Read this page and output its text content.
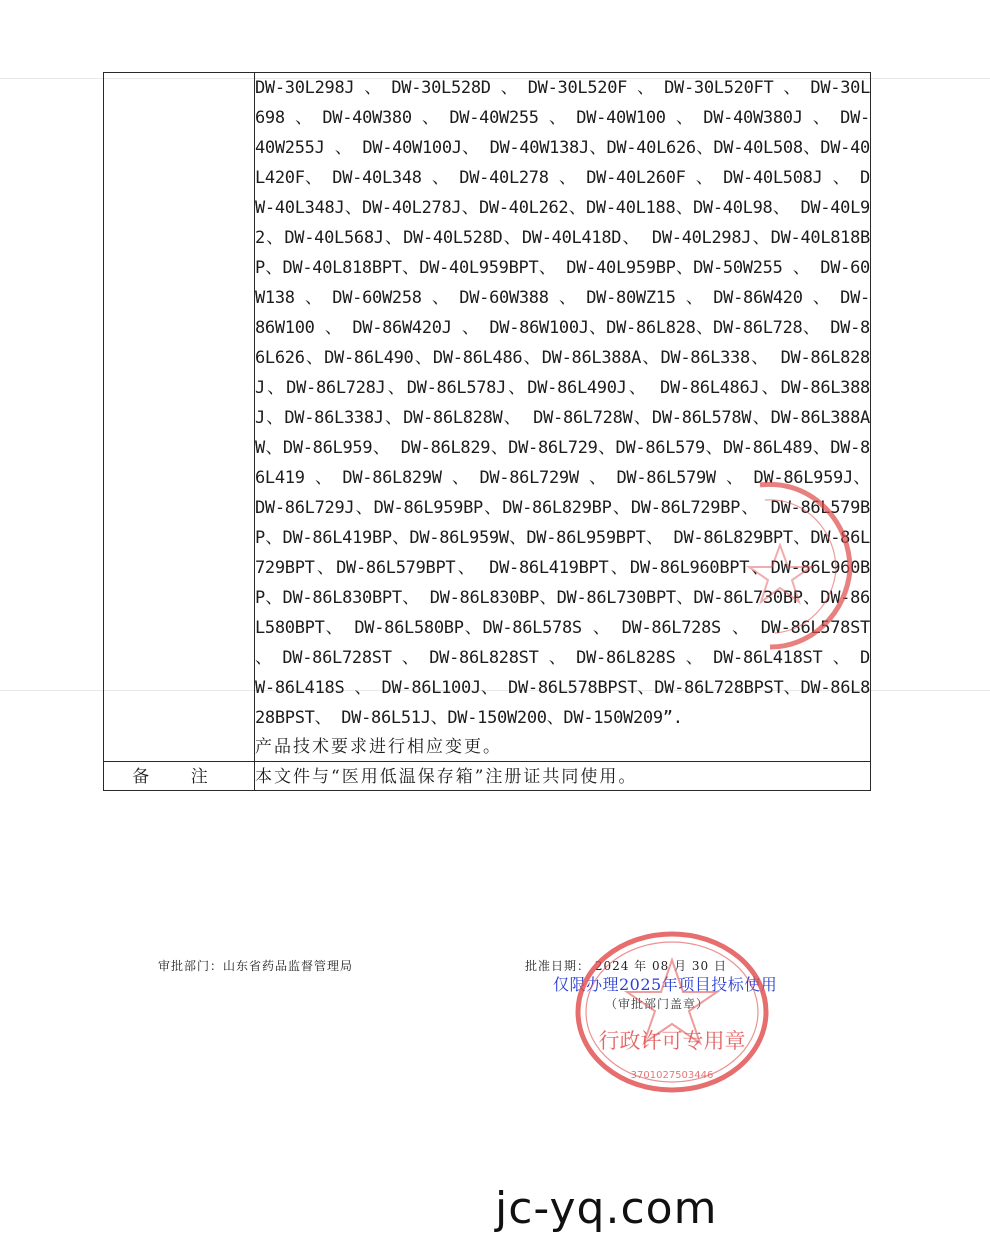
	DW-30L298J 、 DW-30L528D 、 DW-30L520F 、 DW-30L520FT 、 DW-30L698 、 DW-40W380 、 DW-40W255 、 DW-40W100 、 DW-40W380J 、 DW-40W255J 、 DW-40W100J、 DW-40W138J、DW-40L626、DW-40L508、DW-40L420F、 DW-40L348 、 DW-40L278 、 DW-40L260F 、 DW-40L508J 、 DW-40L348J、DW-40L278J、DW-40L262、DW-40L188、DW-40L98、 DW-40L92、DW-40L568J、DW-40L528D、DW-40L418D、 DW-40L298J、DW-40L818BP、DW-40L818BPT、DW-40L959BPT、 DW-40L959BP、DW-50W255 、 DW-60W138 、 DW-60W258 、 DW-60W388 、 DW-80WZ15 、 DW-86W420 、 DW-86W100 、 DW-86W420J 、 DW-86W100J、DW-86L828、DW-86L728、 DW-86L626、DW-86L490、DW-86L486、DW-86L388A、DW-86L338、 DW-86L828J、DW-86L728J、DW-86L578J、DW-86L490J、 DW-86L486J、DW-86L388J、DW-86L338J、DW-86L828W、 DW-86L728W、DW-86L578W、DW-86L388AW、DW-86L959、 DW-86L829、DW-86L729、DW-86L579、DW-86L489、DW-86L419 、 DW-86L829W 、 DW-86L729W 、 DW-86L579W 、 DW-86L959J、 DW-86L729J、DW-86L959BP、DW-86L829BP、DW-86L729BP、 DW-86L579BP、DW-86L419BP、DW-86L959W、DW-86L959BPT、 DW-86L829BPT、DW-86L729BPT、DW-86L579BPT、 DW-86L419BPT、DW-86L960BPT、DW-86L960BP、DW-86L830BPT、 DW-86L830BP、DW-86L730BPT、DW-86L730BP、DW-86L580BPT、 DW-86L580BP、DW-86L578S 、 DW-86L728S 、 DW-86L578ST 、 DW-86L728ST 、 DW-86L828ST 、 DW-86L828S 、 DW-86L418ST 、 DW-86L418S 、 DW-86L100J、 DW-86L578BPST、DW-86L728BPST、DW-86L828BPST、 DW-86L51J、DW-150W200、DW-150W209”.
产品技术要求进行相应变更。

备 注	本文件与“医用低温保存箱”注册证共同使用。
审批部门：山东省药品监督管理局	批准日期： 2024 年 08 月 30 日
（审批部门盖章）
仅限办理2025年项目投标使用
行政许可专用章
3701027503446
jc-yq.com
